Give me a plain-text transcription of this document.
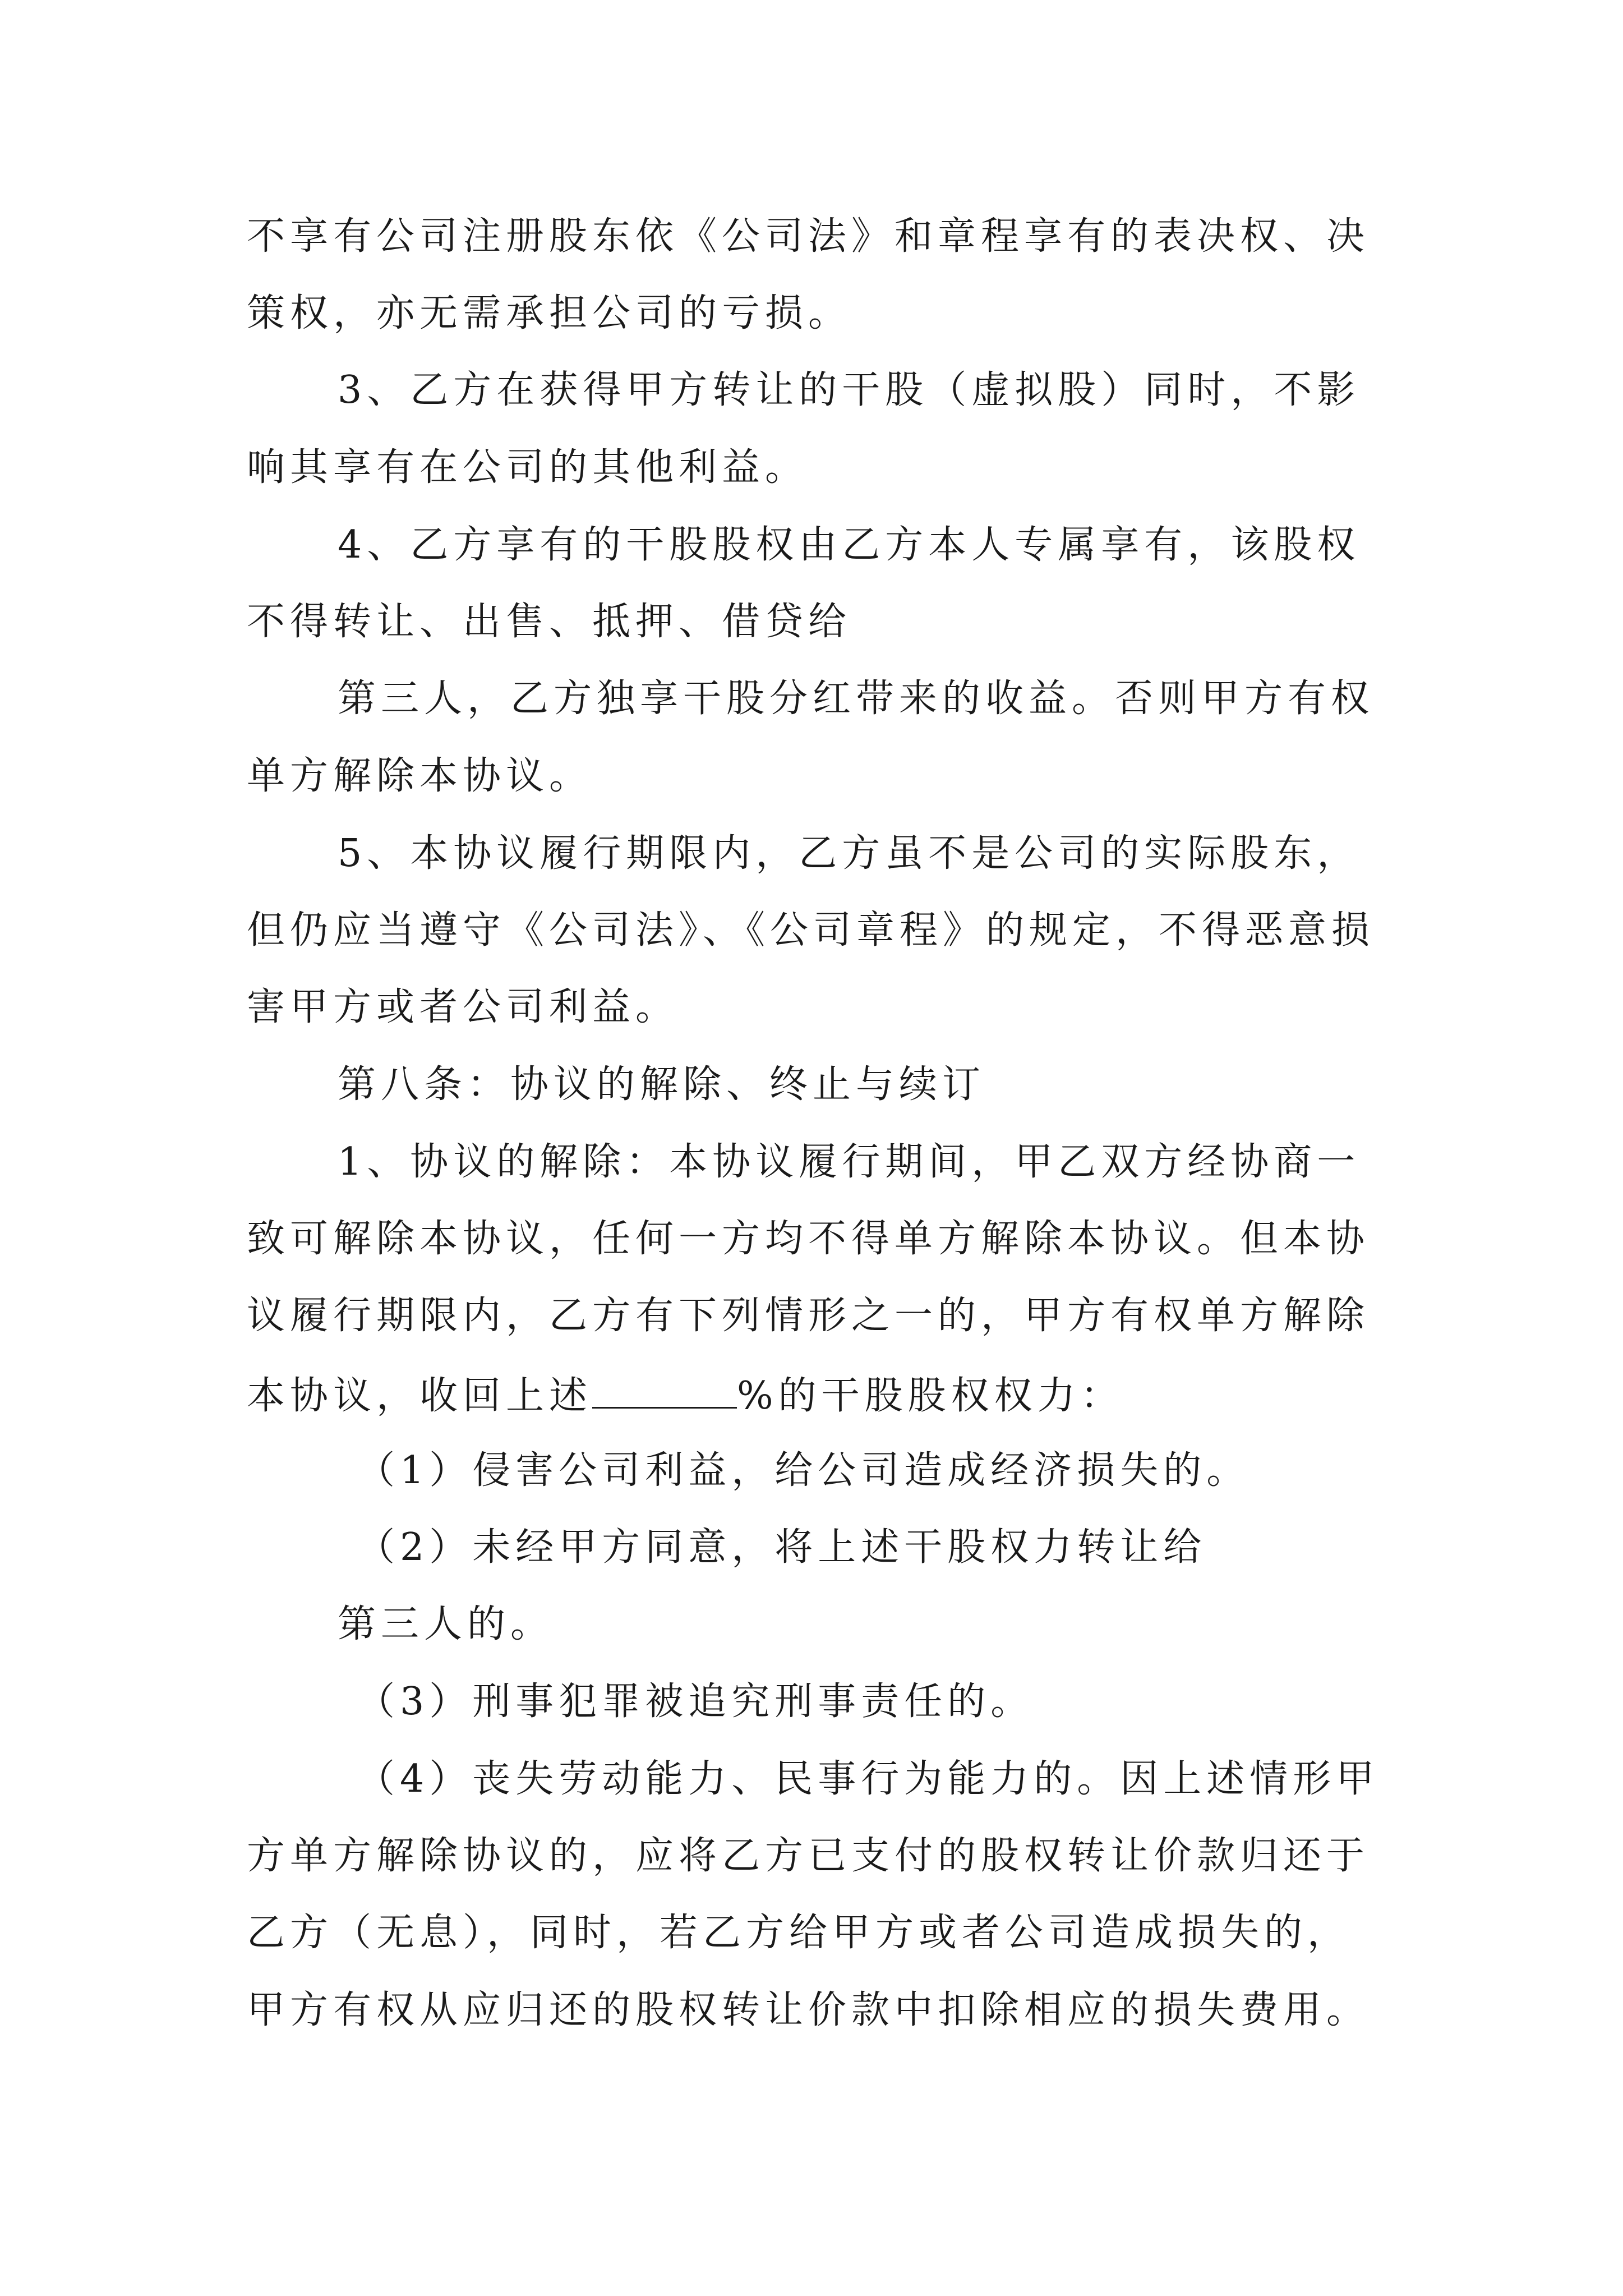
不享有公司注册股东依《公司法》和章程享有的表决权、决
策权，亦无需承担公司的亏损。
3、乙方在获得甲方转让的干股（虚拟股）同时，不影
响其享有在公司的其他利益。
4、乙方享有的干股股权由乙方本人专属享有，该股权
不得转让、出售、抵押、借贷给
第三人，乙方独享干股分红带来的收益。否则甲方有权
单方解除本协议。
5、本协议履行期限内，乙方虽不是公司的实际股东，
但仍应当遵守《公司法》、《公司章程》的规定，不得恶意损
害甲方或者公司利益。
第八条：协议的解除、终止与续订
1、协议的解除：本协议履行期间，甲乙双方经协商一
致可解除本协议，任何一方均不得单方解除本协议。但本协
议履行期限内，乙方有下列情形之一的，甲方有权单方解除
本协议，收回上述	%的干股股权权力：
（1）侵害公司利益，给公司造成经济损失的。
（2）未经甲方同意，将上述干股权力转让给
第三人的。
（3）刑事犯罪被追究刑事责任的。
（4）丧失劳动能力、民事行为能力的。因上述情形甲
方单方解除协议的，应将乙方已支付的股权转让价款归还于
乙方（无息），同时，若乙方给甲方或者公司造成损失的，
甲方有权从应归还的股权转让价款中扣除相应的损失费用。
